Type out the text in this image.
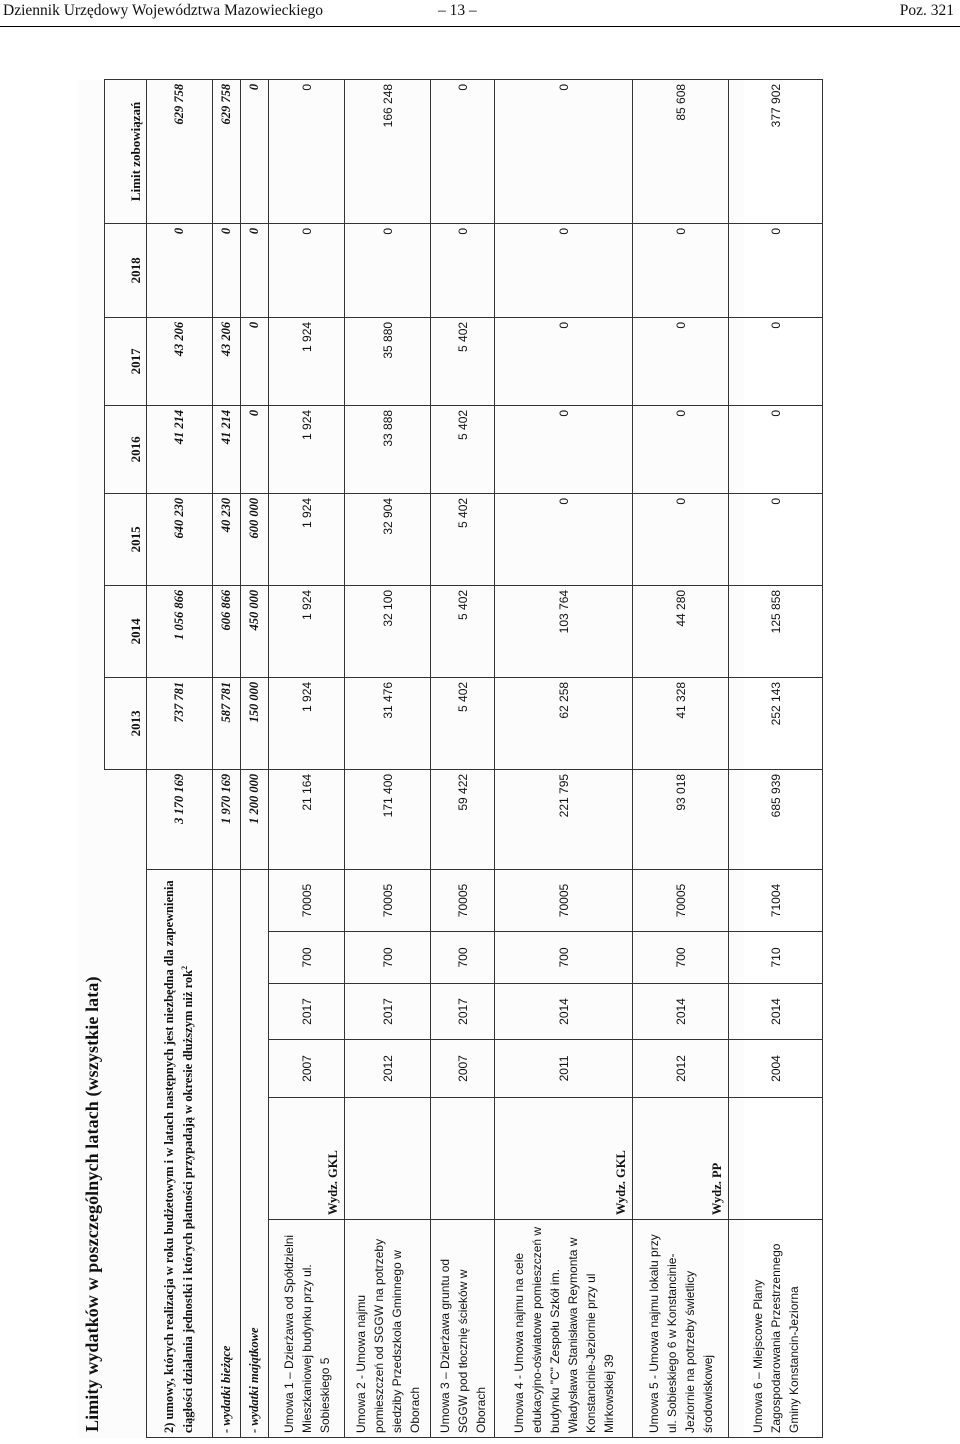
Dziennik Urzędowy Województwa Mazowieckiego	– 13 –	Poz. 321
Limity wydatków w poszczególnych latach (wszystkie lata)
							2013	2014	2015	2016	2017	2018	Limit zobowiązań
2) umowy, których realizacja w roku budżetowym i w latach następnych jest niezbędna dla zapewnienia ciągłości działania jednostki i których płatności przypadają w okresie dłuższym niż rok$^2$						3 170 169	737 781	1 056 866	640 230	41 214	43 206	0	629 758
- wydatki bieżące						1 970 169	587 781	606 866	40 230	41 214	43 206	0	629 758
- wydatki majątkowe						1 200 000	150 000	450 000	600 000	0	0	0	0
Umowa 1 – Dzierżawa od Spółdzielni Mieszkaniowej budynku przy ul. Sobieskiego 5	Wydz. GKL	2007	2017	700	70005	21 164	1 924	1 924	1 924	1 924	1 924	0	0
Umowa 2 - Umowa najmu pomieszczeń od SGGW na potrzeby siedziby Przedszkola Gminnego w Oborach		2012	2017	700	70005	171 400	31 476	32 100	32 904	33 888	35 880	0	166 248
Umowa 3 – Dzierżawa gruntu od SGGW pod tłocznię ścieków w Oborach		2007	2017	700	70005	59 422	5 402	5 402	5 402	5 402	5 402	0	0
Umowa 4 - Umowa najmu na cele edukacyjno-oświatowe pomieszczeń w budynku "C" Zespołu Szkół im. Władysława Stanisława Reymonta w Konstancinie-Jeziornie przy ul Mirkowskiej 39	Wydz. GKL	2011	2014	700	70005	221 795	62 258	103 764	0	0	0	0	0
Umowa 5 - Umowa najmu lokalu przy ul. Sobieskiego 6 w Konstancinie-Jeziornie na potrzeby świetlicy środowiskowej	Wydz. PP	2012	2014	700	70005	93 018	41 328	44 280	0	0	0	0	85 608
Umowa 6 – Miejscowe Plany Zagospodarowania Przestrzennego Gminy Konstancin-Jeziorna		2004	2014	710	71004	685 939	252 143	125 858	0	0	0	0	377 902
